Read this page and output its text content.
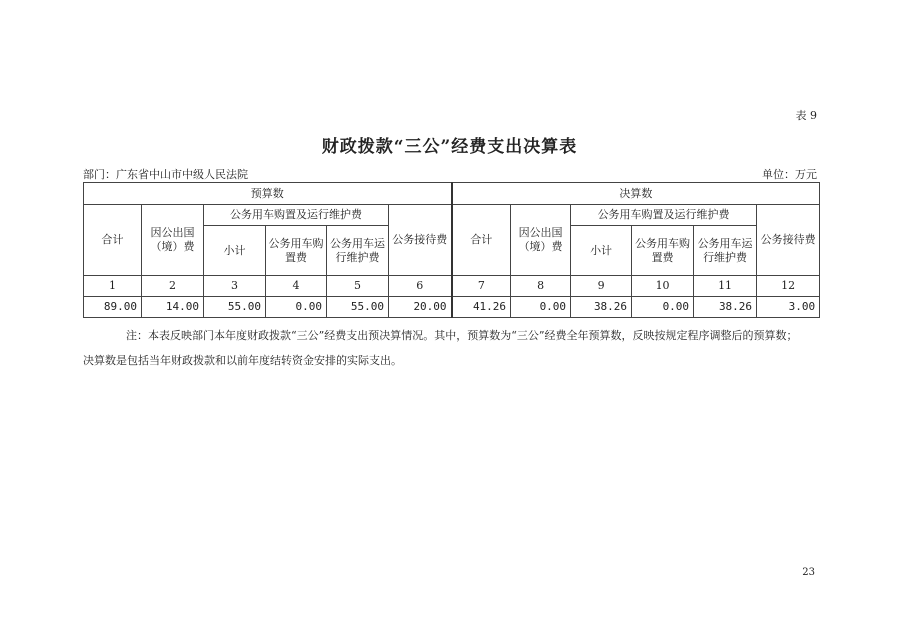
表 9
财政拨款“三公”经费支出决算表
部门：广东省中山市中级人民法院	单位：万元
预算数						决算数					
合计	因公出国（境）费	公务用车购置及运行维护费			公务接待费	合计	因公出国（境）费	公务用车购置及运行维护费			公务接待费
		小计	公务用车购置费	公务用车运行维护费				小计	公务用车购置费	公务用车运行维护费	
1	2	3	4	5	6	7	8	9	10	11	12
89.00	14.00	55.00	0.00	55.00	20.00	41.26	0.00	38.26	0.00	38.26	3.00
注：本表反映部门本年度财政拨款“三公”经费支出预决算情况。其中，预算数为“三公”经费全年预算数，反映按规定程序调整后的预算数；
决算数是包括当年财政拨款和以前年度结转资金安排的实际支出。
23
